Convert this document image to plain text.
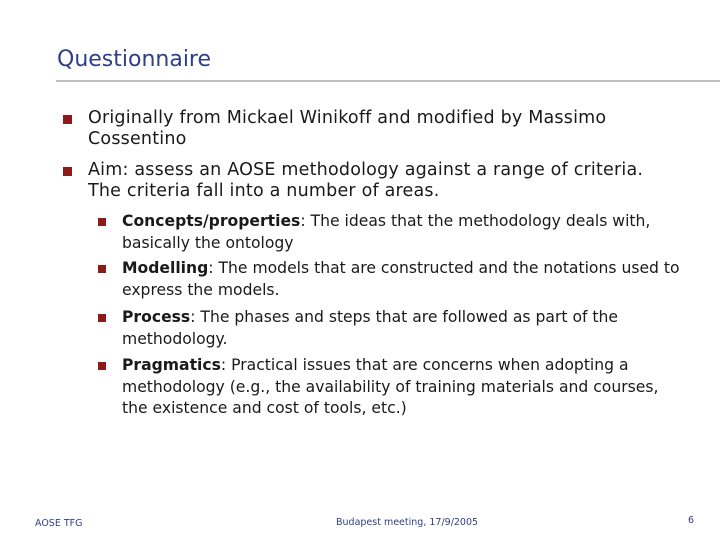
Questionnaire
Originally from Mickael Winikoff and modified by Massimo Cossentino
Aim: assess an AOSE methodology against a range of criteria. The criteria fall into a number of areas.
Concepts/properties: The ideas that the methodology deals with, basically the ontology
Modelling: The models that are constructed and the notations used to express the models.
Process: The phases and steps that are followed as part of the methodology.
Pragmatics: Practical issues that are concerns when adopting a methodology (e.g., the availability of training materials and courses, the existence and cost of tools, etc.)
AOSE TFG	Budapest meeting, 17/9/2005	6
